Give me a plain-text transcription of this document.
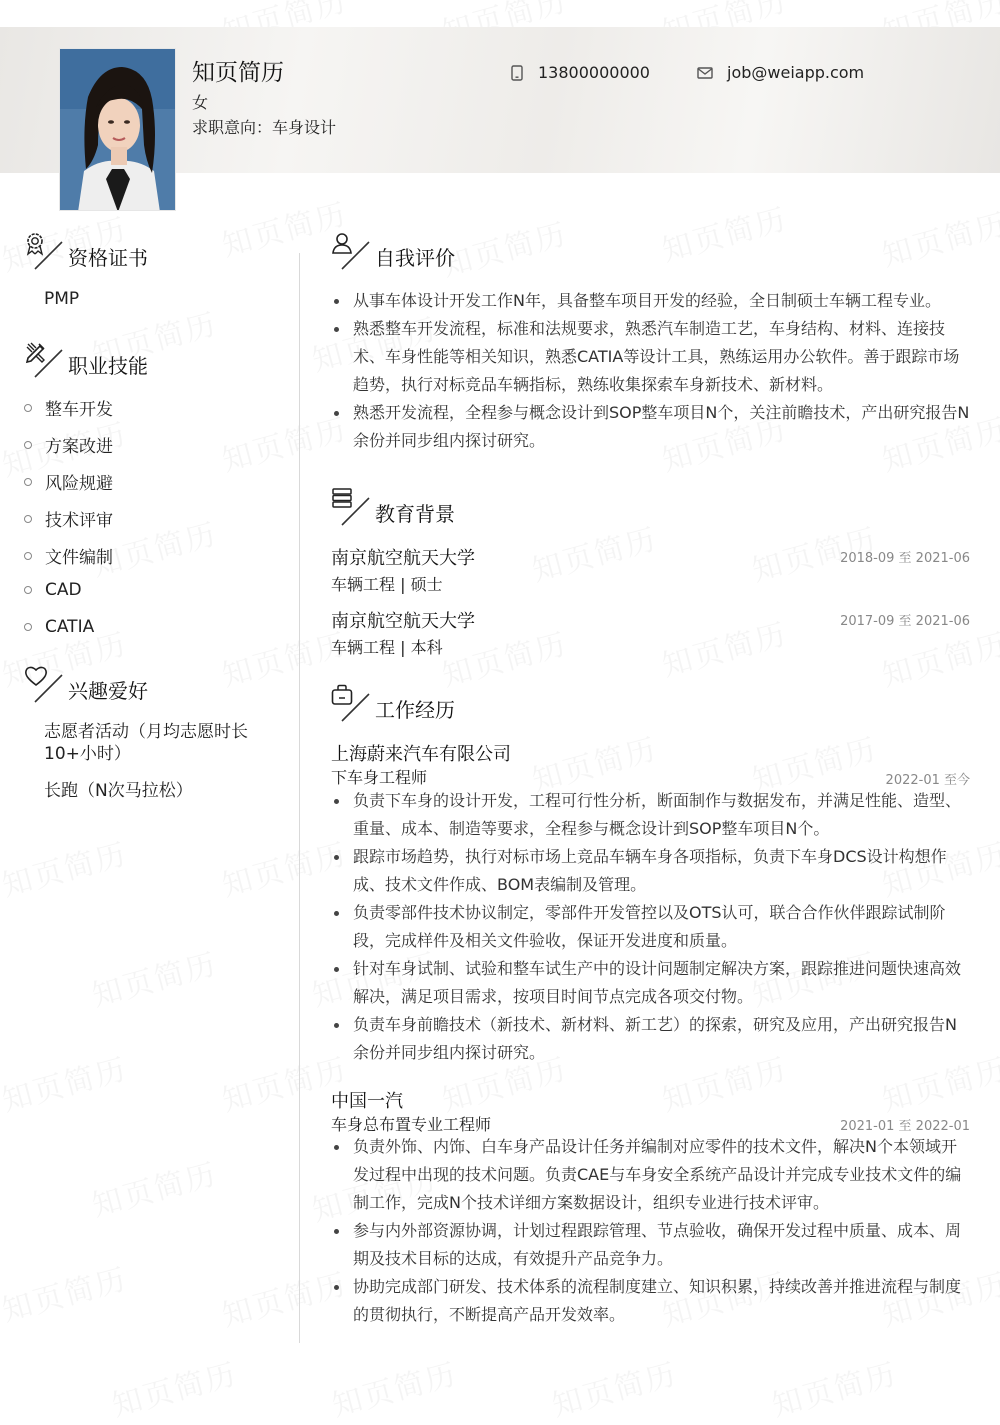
知页简历
女
求职意向：车身设计
13800000000	job@weiapp.com
资格证书
PMP
职业技能
整车开发
方案改进
风险规避
技术评审
文件编制
CAD
CATIA
兴趣爱好
志愿者活动（月均志愿时长10+小时）
长跑（N次马拉松）
自我评价
从事车体设计开发工作N年，具备整车项目开发的经验，全日制硕士车辆工程专业。
熟悉整车开发流程，标准和法规要求，熟悉汽车制造工艺，车身结构、材料、连接技术、车身性能等相关知识，熟悉CATIA等设计工具，熟练运用办公软件。善于跟踪市场趋势，执行对标竞品车辆指标，熟练收集探索车身新技术、新材料。
熟悉开发流程，全程参与概念设计到SOP整车项目N个，关注前瞻技术，产出研究报告N余份并同步组内探讨研究。
教育背景
南京航空航天大学	2018-09 至 2021-06
车辆工程 | 硕士
南京航空航天大学	2017-09 至 2021-06
车辆工程 | 本科
工作经历
上海蔚来汽车有限公司
下车身工程师	2022-01 至今
负责下车身的设计开发，工程可行性分析，断面制作与数据发布，并满足性能、造型、重量、成本、制造等要求，全程参与概念设计到SOP整车项目N个。
跟踪市场趋势，执行对标市场上竞品车辆车身各项指标，负责下车身DCS设计构想作成、技术文件作成、BOM表编制及管理。
负责零部件技术协议制定，零部件开发管控以及OTS认可，联合合作伙伴跟踪试制阶段，完成样件及相关文件验收，保证开发进度和质量。
针对车身试制、试验和整车试生产中的设计问题制定解决方案，跟踪推进问题快速高效解决，满足项目需求，按项目时间节点完成各项交付物。
负责车身前瞻技术（新技术、新材料、新工艺）的探索，研究及应用，产出研究报告N余份并同步组内探讨研究。
中国一汽
车身总布置专业工程师	2021-01 至 2022-01
负责外饰、内饰、白车身产品设计任务并编制对应零件的技术文件，解决N个本领域开发过程中出现的技术问题。负责CAE与车身安全系统产品设计并完成专业技术文件的编制工作，完成N个技术详细方案数据设计，组织专业进行技术评审。
参与内外部资源协调，计划过程跟踪管理、节点验收，确保开发过程中质量、成本、周期及技术目标的达成，有效提升产品竞争力。
协助完成部门研发、技术体系的流程制度建立、知识积累，持续改善并推进流程与制度的贯彻执行，不断提高产品开发效率。
